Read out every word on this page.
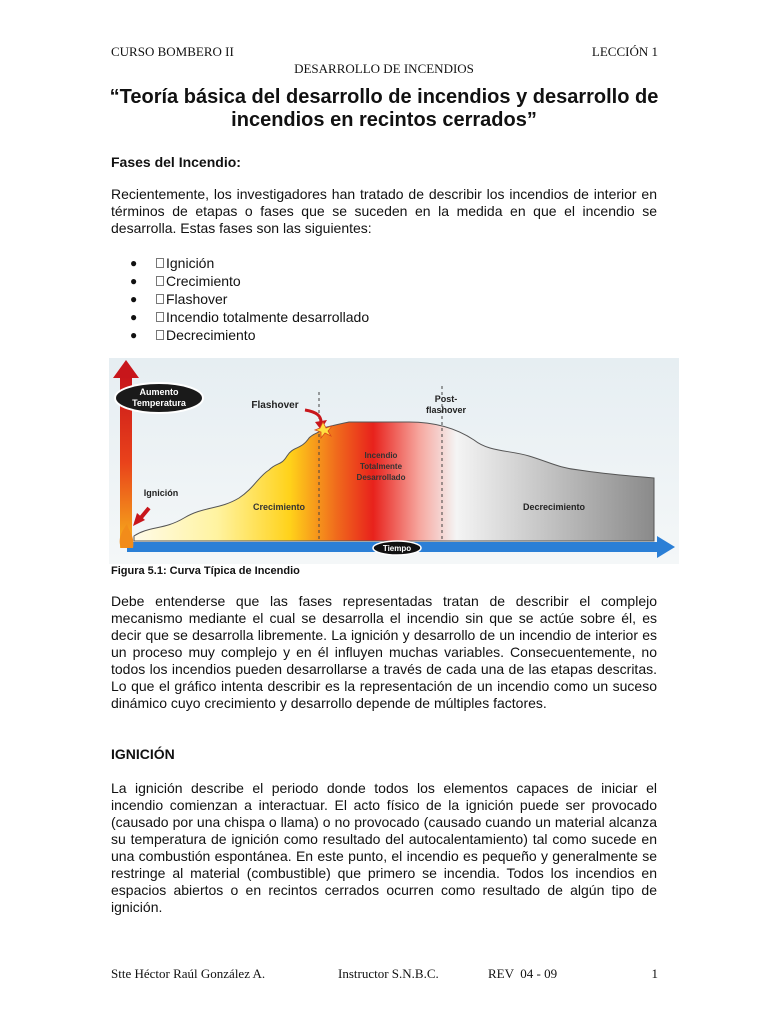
CURSO BOMBERO II	LECCIÓN 1
DESARROLLO DE INCENDIOS
“Teoría básica del desarrollo de incendios y desarrollo de incendios en recintos cerrados”
Fases del Incendio:
Recientemente, los investigadores han tratado de describir los incendios de interior en términos de etapas o fases que se suceden en la medida en que el incendio se desarrolla. Estas fases son las siguientes:
●	Ignición
●	Crecimiento
●	Flashover
●	Incendio totalmente desarrollado
●	Decrecimiento
Aumento
Temperatura	Flashover
Post-
flashover
Incendio
Totalmente
Desarrollado
Ignición
Crecimiento	Decrecimiento
Tiempo
Figura 5.1: Curva Típica de Incendio
Debe entenderse que las fases representadas tratan de describir el complejo mecanismo mediante el cual se desarrolla el incendio sin que se actúe sobre él, es decir que se desarrolla libremente. La ignición y desarrollo de un incendio de interior es un proceso muy complejo y en él influyen muchas variables. Consecuentemente, no todos los incendios pueden desarrollarse a través de cada una de las etapas descritas. Lo que el gráfico intenta describir es la representación de un incendio como un suceso dinámico cuyo crecimiento y desarrollo depende de múltiples factores.
IGNICIÓN
La ignición describe el periodo donde todos los elementos capaces de iniciar el incendio comienzan a interactuar. El acto físico de la ignición puede ser provocado (causado por una chispa o llama) o no provocado (causado cuando un material alcanza su temperatura de ignición como resultado del autocalentamiento) tal como sucede en una combustión espontánea. En este punto, el incendio es pequeño y generalmente se restringe al material (combustible) que primero se incendia. Todos los incendios en espacios abiertos o en recintos cerrados ocurren como resultado de algún tipo de ignición.
Stte Héctor Raúl González A.	Instructor S.N.B.C.	REV  04 - 09	1
